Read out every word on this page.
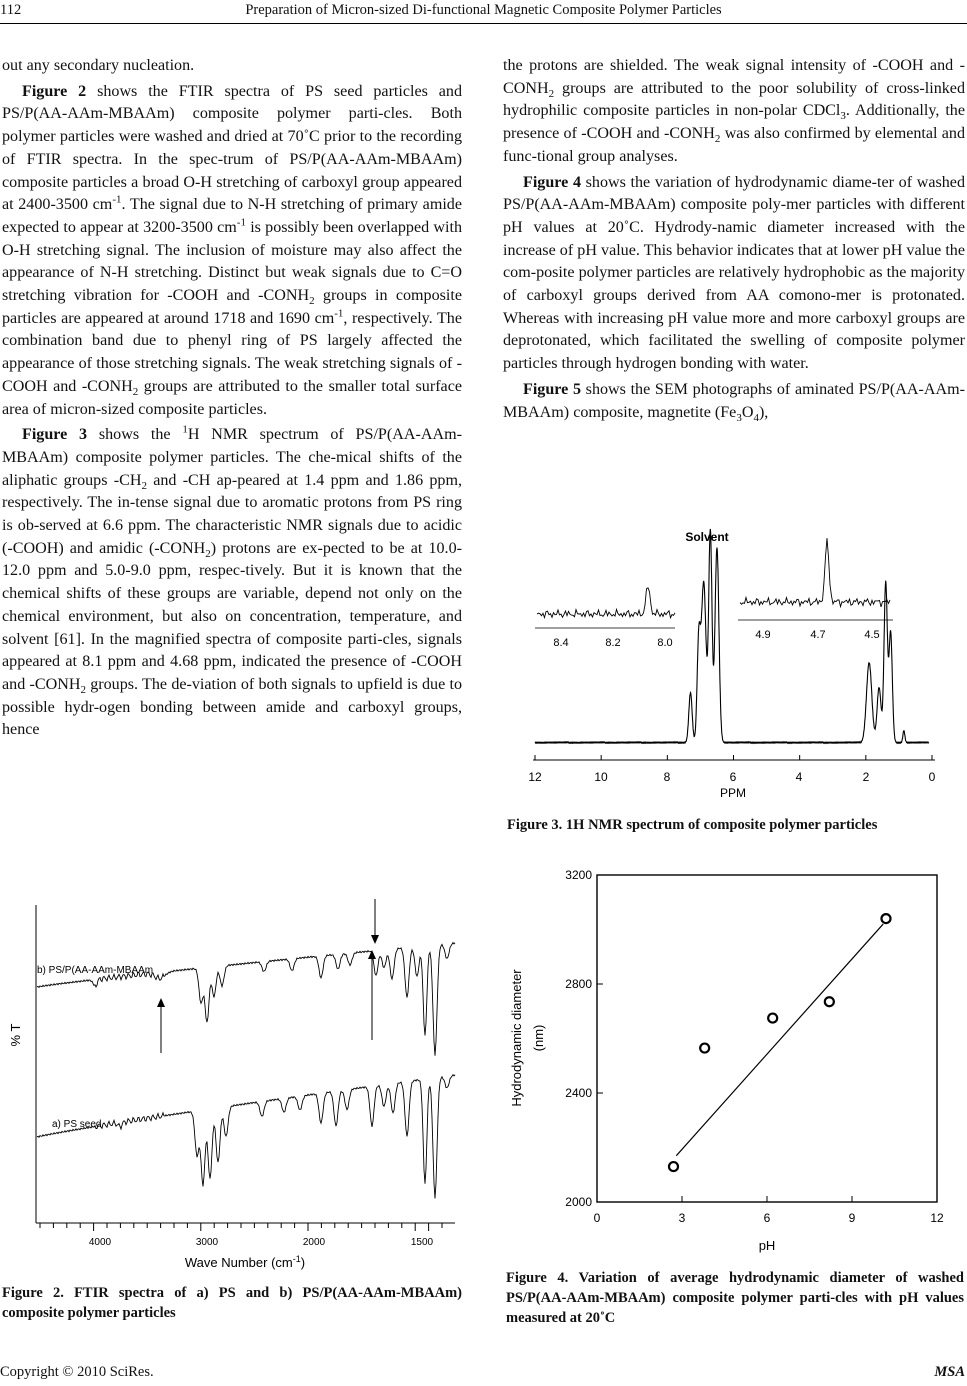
112	Preparation of Micron-sized Di-functional Magnetic Composite Polymer Particles

out any secondary nucleation.

Figure 2 shows the FTIR spectra of PS seed particles and PS/P(AA-AAm-MBAAm) composite polymer parti-cles. Both polymer particles were washed and dried at 70˚C prior to the recording of FTIR spectra. In the spec-trum of PS/P(AA-AAm-MBAAm) composite particles a broad O-H stretching of carboxyl group appeared at 2400-3500 $cm^{-1}$. The signal due to N-H stretching of primary amide expected to appear at 3200-3500 $cm^{-1}$ is possibly been overlapped with O-H stretching signal. The inclusion of moisture may also affect the appearance of N-H stretching. Distinct but weak signals due to C=O stretching vibration for -COOH and $-CONH_2$ groups in composite particles are appeared at around 1718 and 1690 $cm^{-1}$, respectively. The combination band due to phenyl ring of PS largely affected the appearance of those stretching signals. The weak stretching signals of -COOH and $-CONH_2$ groups are attributed to the smaller total surface area of micron-sized composite particles.

Figure 3 shows the $^1$H NMR spectrum of PS/P(AA-AAm-MBAAm) composite polymer particles. The che-mical shifts of the aliphatic groups $-CH_2$ and -CH ap-peared at 1.4 ppm and 1.86 ppm, respectively. The in-tense signal due to aromatic protons from PS ring is ob-served at 6.6 ppm. The characteristic NMR signals due to acidic (-COOH) and amidic $(-CONH_2)$ protons are ex-pected to be at 10.0-12.0 ppm and 5.0-9.0 ppm, respec-tively. But it is known that the chemical shifts of these groups are variable, depend not only on the chemical environment, but also on concentration, temperature, and solvent [61]. In the magnified spectra of composite parti-cles, signals appeared at 8.1 ppm and 4.68 ppm, indicated the presence of -COOH and $-CONH_2$ groups. The de-viation of both signals to upfield is due to possible hydr-ogen bonding between amide and carboxyl groups, hence

the protons are shielded. The weak signal intensity of -COOH and $-CONH_2$ groups are attributed to the poor solubility of cross-linked hydrophilic composite particles in non-polar CDCl$_3$. Additionally, the presence of -COOH and $-CONH_2$ was also confirmed by elemental and func-tional group analyses.

Figure 4 shows the variation of hydrodynamic diame-ter of washed PS/P(AA-AAm-MBAAm) composite poly-mer particles with different pH values at 20˚C. Hydrody-namic diameter increased with the increase of pH value. This behavior indicates that at lower pH value the com-posite polymer particles are relatively hydrophobic as the majority of carboxyl groups derived from AA comono-mer is protonated. Whereas with increasing pH value more and more carboxyl groups are deprotonated, which facilitated the swelling of composite polymer particles through hydrogen bonding with water.

Figure 5 shows the SEM photographs of aminated PS/P(AA-AAm-MBAAm) composite, magnetite $(Fe_3O_4)$,

4000	3000	2000	1500
Wave Number $(cm^{-1})$
% T
b) PS/P(AA-AAm-MBAAm
a) PS seed
Figure 2. FTIR spectra of a) PS and b) PS/P(AA-AAm-MBAAm) composite polymer particles
12	10	8	6	4	2	0
PPM
Solvent
8.4	8.2	8.0
4.9	4.7	4.5
Figure 3. 1H NMR spectrum of composite polymer particles
2000
2400
2800
3200
0	3	6	9	12
pH
Hydrodynamic diameter (nm)
Figure 4. Variation of average hydrodynamic diameter of washed PS/P(AA-AAm-MBAAm) composite polymer parti-cles with pH values measured at 20˚C
Copyright © 2010 SciRes.	MSA
